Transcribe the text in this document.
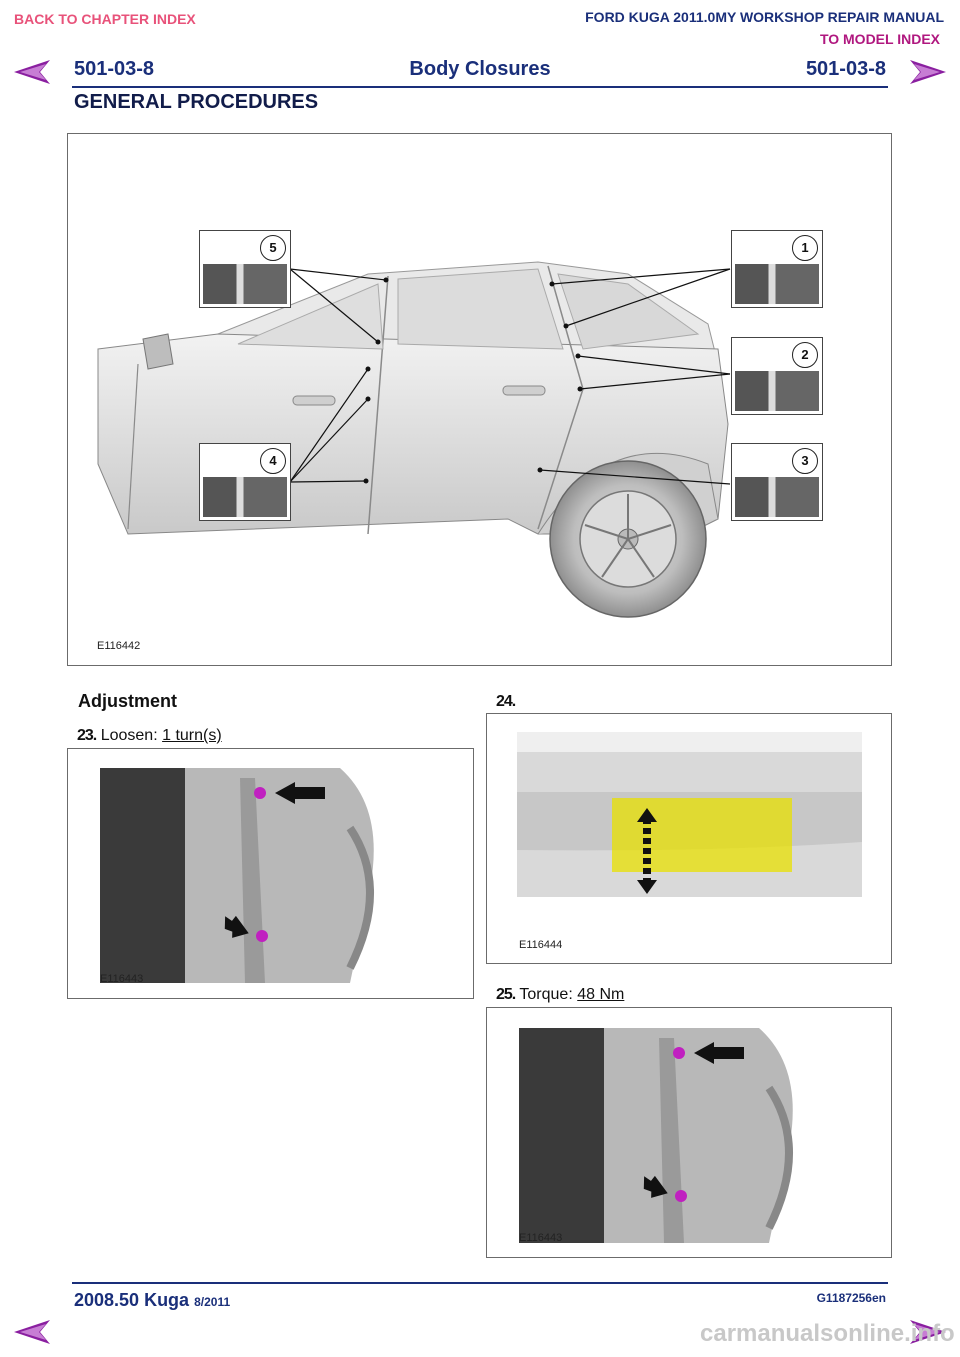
BACK TO CHAPTER INDEX	FORD KUGA 2011.0MY WORKSHOP REPAIR MANUAL
TO MODEL INDEX
501-03-8	Body Closures	501-03-8
GENERAL PROCEDURES
5	1
2
3
4
E116442
Adjustment
23. Loosen: 1 turn(s)
E116443
24.
E116444
25. Torque: 48 Nm
E116443
2008.50 Kuga 8/2011	G1187256en
carmanualsonline.info
